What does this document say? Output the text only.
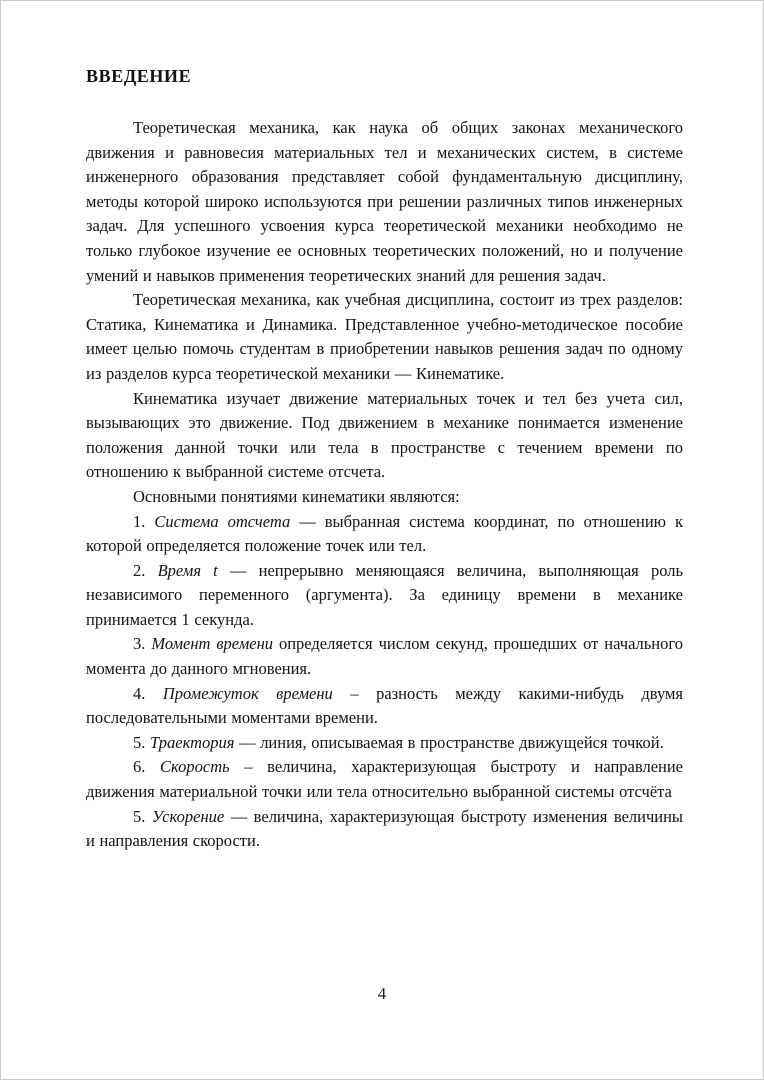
ВВЕДЕНИЕ

Теоретическая механика, как наука об общих законах механического движения и равновесия материальных тел и механических систем, в системе инженерного образования представляет собой фундаментальную дисциплину, методы которой широко используются при решении различных типов инженерных задач. Для успешного усвоения курса теоретической механики необходимо не только глубокое изучение ее основных теоретических положений, но и получение умений и навыков применения теоретических знаний для решения задач.

Теоретическая механика, как учебная дисциплина, состоит из трех разделов: Статика, Кинематика и Динамика. Представленное учебно-методическое пособие имеет целью помочь студентам в приобретении навыков решения задач по одному из разделов курса теоретической механики — Кинематике.

Кинематика изучает движение материальных точек и тел без учета сил, вызывающих это движение. Под движением в механике понимается изменение положения данной точки или тела в пространстве с течением времени по отношению к выбранной системе отсчета.

Основными понятиями кинематики являются:

1. Система отсчета — выбранная система координат, по отношению к которой определяется положение точек или тел.

2. Время t — непрерывно меняющаяся величина, выполняющая роль независимого переменного (аргумента). За единицу времени в механике принимается 1 секунда.

3. Момент времени определяется числом секунд, прошедших от начального момента до данного мгновения.

4. Промежуток времени – разность между какими-нибудь двумя последовательными моментами времени.

5. Траектория — линия, описываемая в пространстве движущейся точкой.

6. Скорость – величина, характеризующая быстроту и направление движения материальной точки или тела относительно выбранной системы отсчёта

5. Ускорение — величина, характеризующая быстроту изменения величины и направления скорости.

4
